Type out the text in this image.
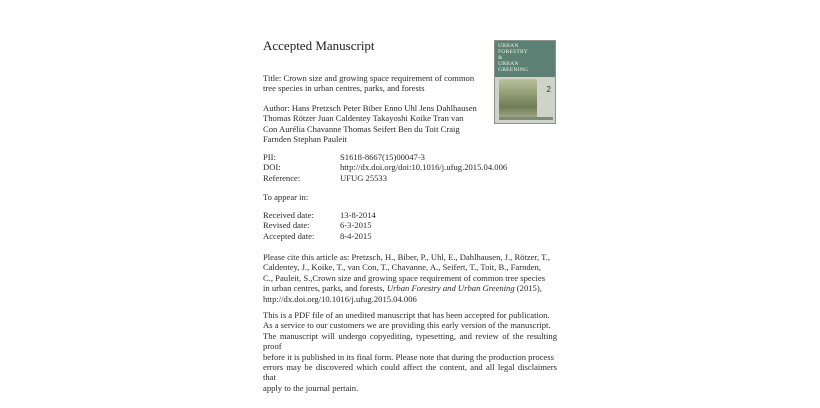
Accepted Manuscript	URBAN
FORESTRY
&
URBAN
GREENING
2
Title: Crown size and growing space requirement of common
tree species in urban centres, parks, and forests
Author: Hans Pretzsch Peter Biber Enno Uhl Jens Dahlhausen
Thomas Rötzer Juan Caldentey Takayoshi Koike Tran van
Con Aurélia Chavanne Thomas Seifert Ben du Toit Craig
Farnden Stephan Pauleit
PII:	S1618-8667(15)00047-3
DOI:	http://dx.doi.org/doi:10.1016/j.ufug.2015.04.006
Reference:	UFUG 25533
To appear in:
Received date:	13-8-2014
Revised date:	6-3-2015
Accepted date:	8-4-2015
Please cite this article as: Pretzsch, H., Biber, P., Uhl, E., Dahlhausen, J., Rötzer, T.,
Caldentey, J., Koike, T., van Con, T., Chavanne, A., Seifert, T., Toit, B., Farnden,
C., Pauleit, S.,Crown size and growing space requirement of common tree species
in urban centres, parks, and forests, Urban Forestry and Urban Greening (2015),
http://dx.doi.org/10.1016/j.ufug.2015.04.006
This is a PDF file of an unedited manuscript that has been accepted for publication.
As a service to our customers we are providing this early version of the manuscript.
The manuscript will undergo copyediting, typesetting, and review of the resulting proof
before it is published in its final form. Please note that during the production process
errors may be discovered which could affect the content, and all legal disclaimers that
apply to the journal pertain.
